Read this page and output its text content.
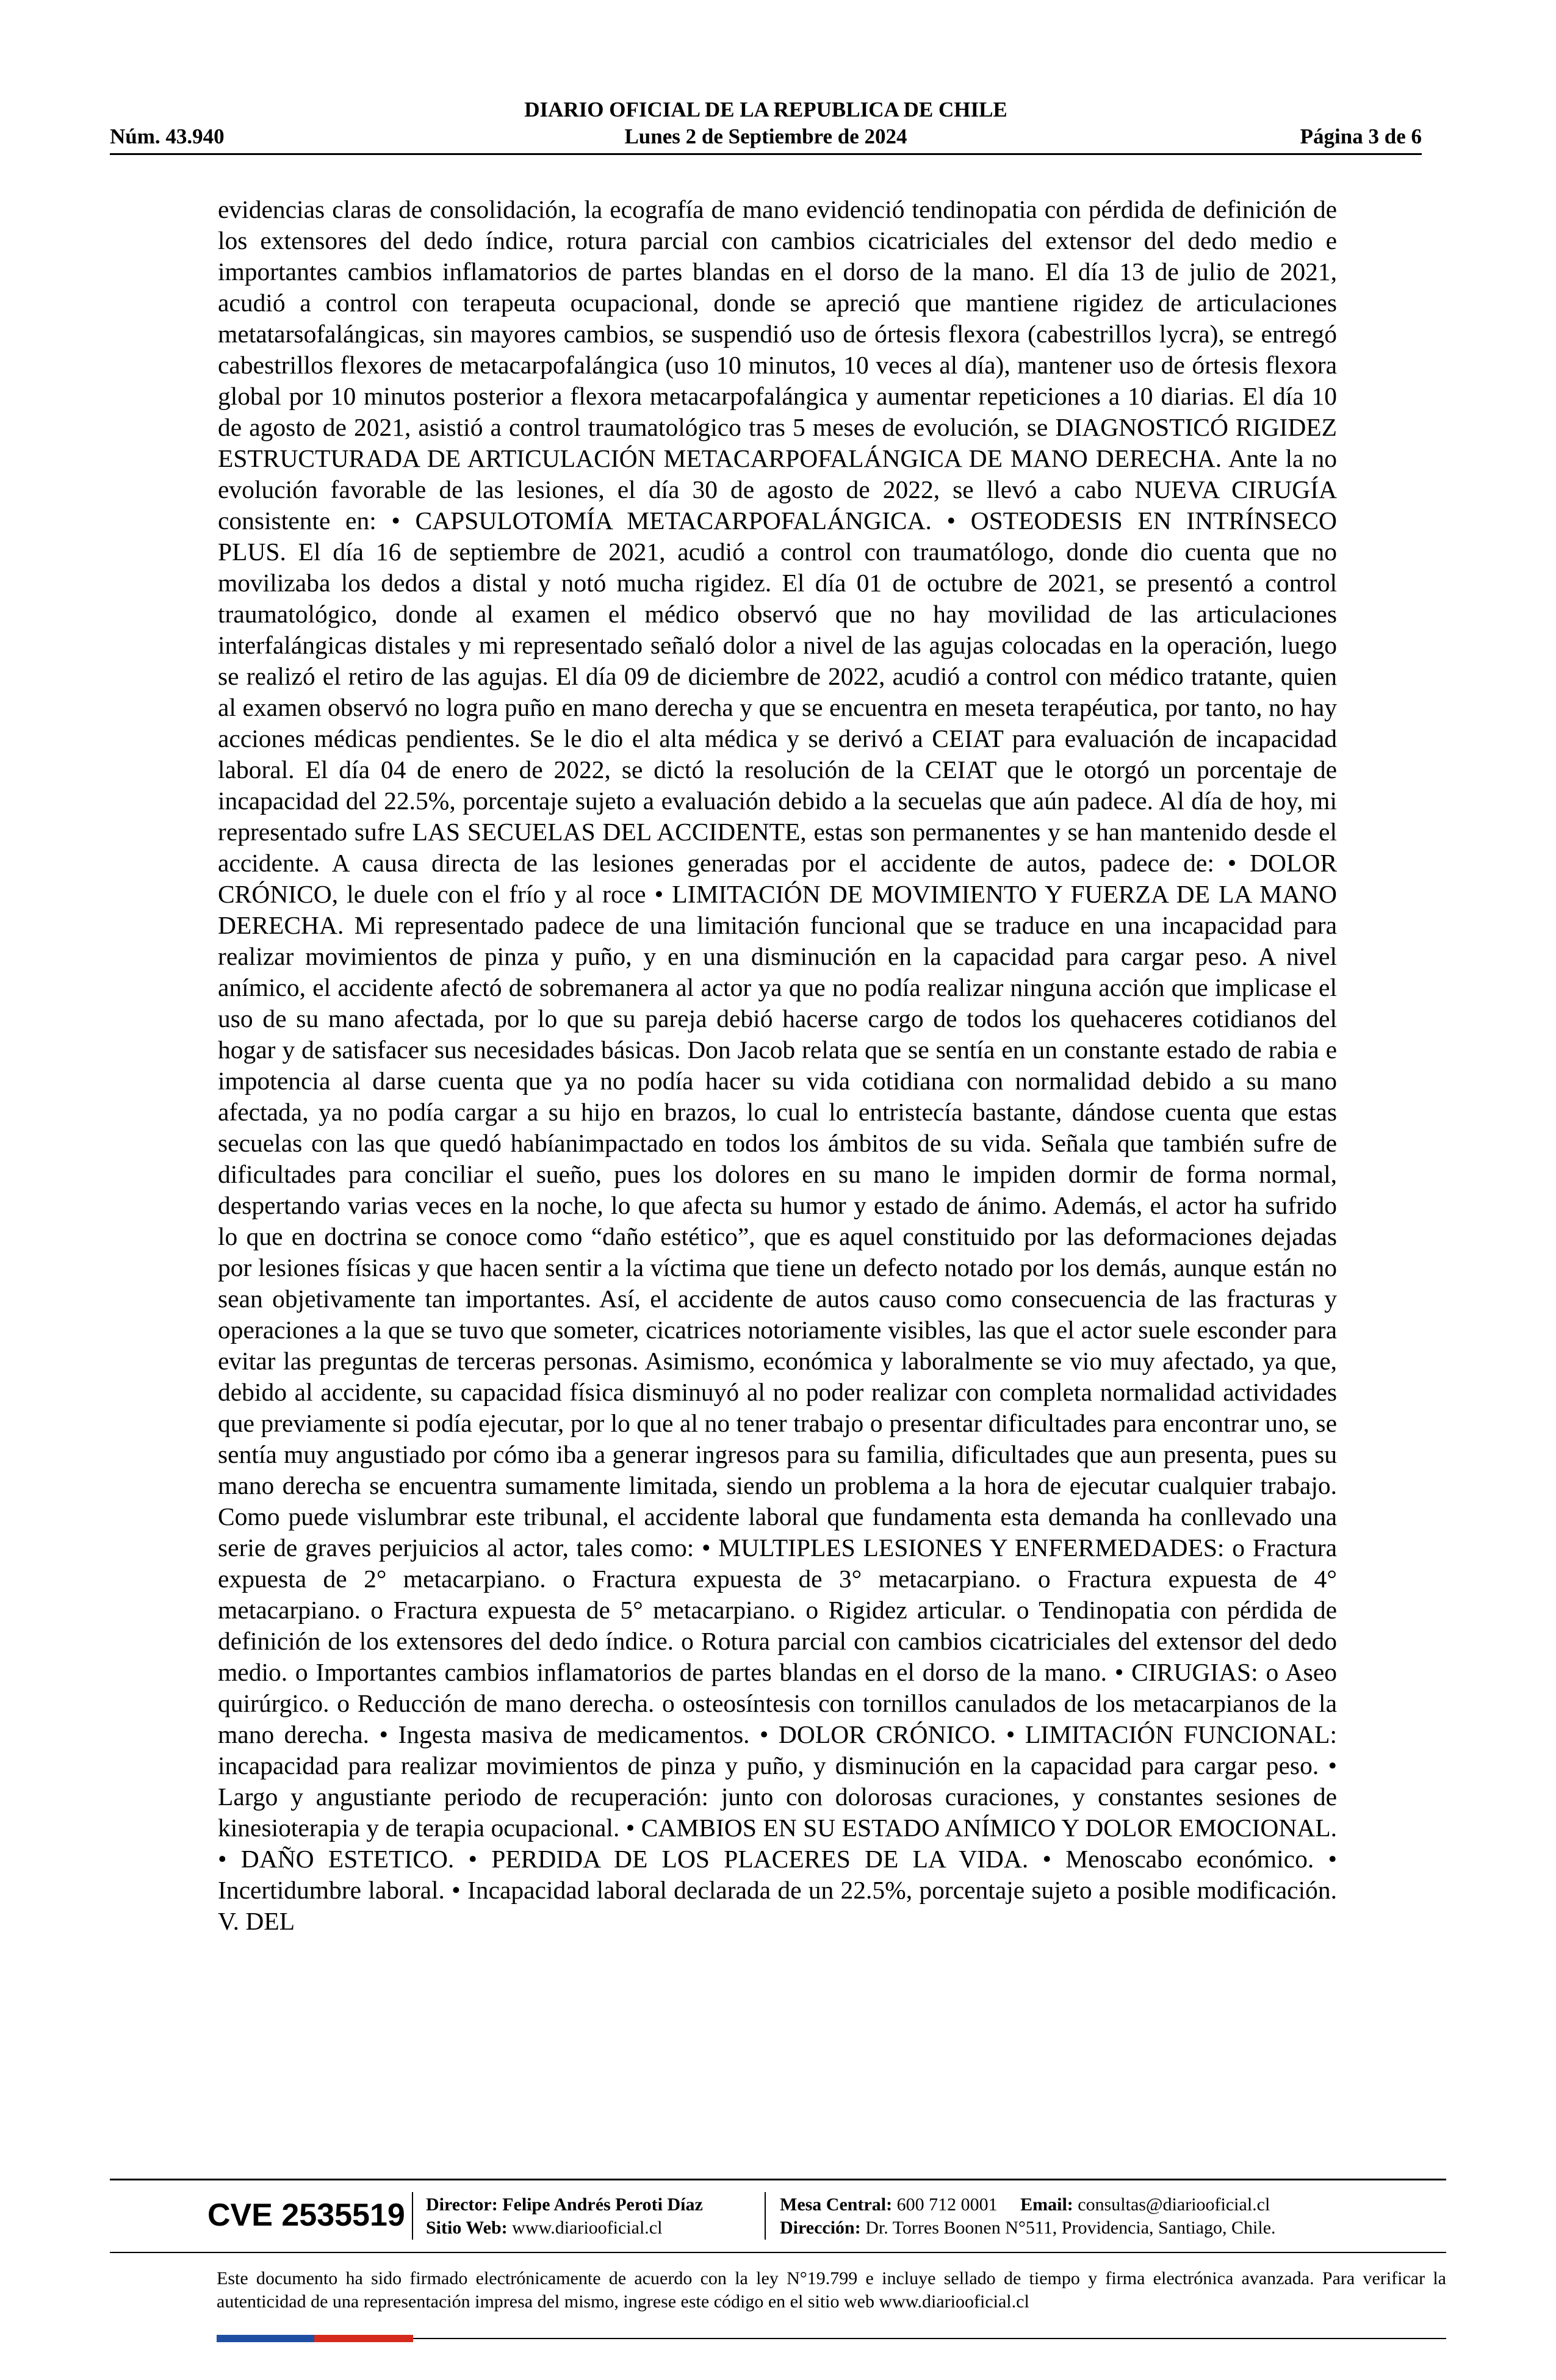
DIARIO OFICIAL DE LA REPUBLICA DE CHILE
Núm. 43.940	Lunes 2 de Septiembre de 2024	Página 3 de 6
evidencias claras de consolidación, la ecografía de mano evidenció tendinopatia con pérdida de definición de los extensores del dedo índice, rotura parcial con cambios cicatriciales del extensor del dedo medio e importantes cambios inflamatorios de partes blandas en el dorso de la mano. El día 13 de julio de 2021, acudió a control con terapeuta ocupacional, donde se apreció que mantiene rigidez de articulaciones metatarsofalángicas, sin mayores cambios, se suspendió uso de órtesis flexora (cabestrillos lycra), se entregó cabestrillos flexores de metacarpofalángica (uso 10 minutos, 10 veces al día), mantener uso de órtesis flexora global por 10 minutos posterior a flexora metacarpofalángica y aumentar repeticiones a 10 diarias. El día 10 de agosto de 2021, asistió a control traumatológico tras 5 meses de evolución, se DIAGNOSTICÓ RIGIDEZ ESTRUCTURADA DE ARTICULACIÓN METACARPOFALÁNGICA DE MANO DERECHA. Ante la no evolución favorable de las lesiones, el día 30 de agosto de 2022, se llevó a cabo NUEVA CIRUGÍA consistente en: • CAPSULOTOMÍA METACARPOFALÁNGICA. • OSTEODESIS EN INTRÍNSECO PLUS. El día 16 de septiembre de 2021, acudió a control con traumatólogo, donde dio cuenta que no movilizaba los dedos a distal y notó mucha rigidez. El día 01 de octubre de 2021, se presentó a control traumatológico, donde al examen el médico observó que no hay movilidad de las articulaciones interfalángicas distales y mi representado señaló dolor a nivel de las agujas colocadas en la operación, luego se realizó el retiro de las agujas. El día 09 de diciembre de 2022, acudió a control con médico tratante, quien al examen observó no logra puño en mano derecha y que se encuentra en meseta terapéutica, por tanto, no hay acciones médicas pendientes. Se le dio el alta médica y se derivó a CEIAT para evaluación de incapacidad laboral. El día 04 de enero de 2022, se dictó la resolución de la CEIAT que le otorgó un porcentaje de incapacidad del 22.5%, porcentaje sujeto a evaluación debido a la secuelas que aún padece. Al día de hoy, mi representado sufre LAS SECUELAS DEL ACCIDENTE, estas son permanentes y se han mantenido desde el accidente. A causa directa de las lesiones generadas por el accidente de autos, padece de: • DOLOR CRÓNICO, le duele con el frío y al roce • LIMITACIÓN DE MOVIMIENTO Y FUERZA DE LA MANO DERECHA. Mi representado padece de una limitación funcional que se traduce en una incapacidad para realizar movimientos de pinza y puño, y en una disminución en la capacidad para cargar peso. A nivel anímico, el accidente afectó de sobremanera al actor ya que no podía realizar ninguna acción que implicase el uso de su mano afectada, por lo que su pareja debió hacerse cargo de todos los quehaceres cotidianos del hogar y de satisfacer sus necesidades básicas. Don Jacob relata que se sentía en un constante estado de rabia e impotencia al darse cuenta que ya no podía hacer su vida cotidiana con normalidad debido a su mano afectada, ya no podía cargar a su hijo en brazos, lo cual lo entristecía bastante, dándose cuenta que estas secuelas con las que quedó habíanimpactado en todos los ámbitos de su vida. Señala que también sufre de dificultades para conciliar el sueño, pues los dolores en su mano le impiden dormir de forma normal, despertando varias veces en la noche, lo que afecta su humor y estado de ánimo. Además, el actor ha sufrido lo que en doctrina se conoce como “daño estético”, que es aquel constituido por las deformaciones dejadas por lesiones físicas y que hacen sentir a la víctima que tiene un defecto notado por los demás, aunque están no sean objetivamente tan importantes. Así, el accidente de autos causo como consecuencia de las fracturas y operaciones a la que se tuvo que someter, cicatrices notoriamente visibles, las que el actor suele esconder para evitar las preguntas de terceras personas. Asimismo, económica y laboralmente se vio muy afectado, ya que, debido al accidente, su capacidad física disminuyó al no poder realizar con completa normalidad actividades que previamente si podía ejecutar, por lo que al no tener trabajo o presentar dificultades para encontrar uno, se sentía muy angustiado por cómo iba a generar ingresos para su familia, dificultades que aun presenta, pues su mano derecha se encuentra sumamente limitada, siendo un problema a la hora de ejecutar cualquier trabajo. Como puede vislumbrar este tribunal, el accidente laboral que fundamenta esta demanda ha conllevado una serie de graves perjuicios al actor, tales como: • MULTIPLES LESIONES Y ENFERMEDADES: o Fractura expuesta de 2° metacarpiano. o Fractura expuesta de 3° metacarpiano. o Fractura expuesta de 4° metacarpiano. o Fractura expuesta de 5° metacarpiano. o Rigidez articular. o Tendinopatia con pérdida de definición de los extensores del dedo índice. o Rotura parcial con cambios cicatriciales del extensor del dedo medio. o Importantes cambios inflamatorios de partes blandas en el dorso de la mano. • CIRUGIAS: o Aseo quirúrgico. o Reducción de mano derecha. o osteosíntesis con tornillos canulados de los metacarpianos de la mano derecha. • Ingesta masiva de medicamentos. • DOLOR CRÓNICO. • LIMITACIÓN FUNCIONAL: incapacidad para realizar movimientos de pinza y puño, y disminución en la capacidad para cargar peso. • Largo y angustiante periodo de recuperación: junto con dolorosas curaciones, y constantes sesiones de kinesioterapia y de terapia ocupacional. • CAMBIOS EN SU ESTADO ANÍMICO Y DOLOR EMOCIONAL. • DAÑO ESTETICO. • PERDIDA DE LOS PLACERES DE LA VIDA. • Menoscabo económico. • Incertidumbre laboral. • Incapacidad laboral declarada de un 22.5%, porcentaje sujeto a posible modificación. V. DEL
CVE 2535519 Director: Felipe Andrés Peroti Díaz
Sitio Web: www.diariooficial.cl
Mesa Central: 600 712 0001 Email: consultas@diariooficial.cl
Dirección: Dr. Torres Boonen N°511, Providencia, Santiago, Chile.
Este documento ha sido firmado electrónicamente de acuerdo con la ley N°19.799 e incluye sellado de tiempo y firma electrónica avanzada. Para verificar la autenticidad de una representación impresa del mismo, ingrese este código en el sitio web www.diariooficial.cl
